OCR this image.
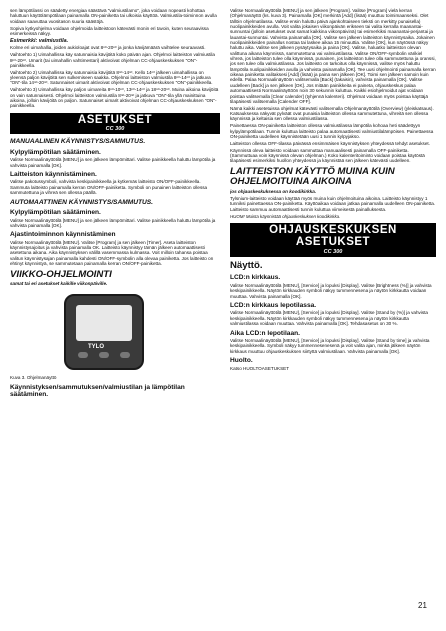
sen lämpötilassi on säädetty energiaa säästävä "valmiustilamo", joka voidaan nopeasti kohottaa haluttuun käyttölämpötilaan painamalla ON-painiketta tai ulkoisia käyttöä. Valmiustila-toiminnon avulla voidaan saavuttaa vuositason suuria säästöjä.

Sopiva kytkyohjelma voidaan ohjelmoida laitteistoon kätevästi monin eri tavoin, kuten seuraavissa esimerkeissä näkyy.

Esimerkki: valmiustila.

Kolme eri uimahallia, joiden aukioloajat ovat 8ⁿᵒ-20ⁿᵒ ja jonka kävijämäärä vaihtelee seuraavasti.

Vaihtoehto 1) Uimahallissa käy satunnaisia kävijöitä koko päivän ajan. Ohjelmoi laitteiston valmiustila 8ⁿᵒ-20ⁿᵒ. Umarit (tai uimahallin vahtimestari) aktivoivat ohjelman CC-ohjauskeskuksen "ON"-painikkeella.

Vaihtoehto 2) Uimahallissa käy satunnaisia kävijöitä 8ⁿᵒ-14ⁿᵒ. Kello 14ⁿᵒ jälkeen uimahallissa on yleensä paljon kävijöitä sen sulkemiseen saakka. Ohjelmoi laitteiston valmiustila 8ⁿᵒ-14ⁿᵒ ja jatkuva "ON"-tila 14ⁿᵒ-20ⁿᵒ. Satunnaiset uimarit aktivoivat ohjelman CC-ohjauskeskuksen "ON"-painikkeella.

Vaihtoehto 3) Uimahallissa käy paljon uimareita 8ⁿᵒ-10ⁿᵒ, 13ⁿᵒ-14ⁿᵒ ja 18ⁿᵒ-20ⁿᵒ. Muina aikoina kävijöitä on vain satunnaisesti. Ohjelmoi laitteiston valmiustila 8ⁿᵒ-20ⁿᵒ ja jatkuva "ON"-tila yllä mainittuina aikoina, jolloin kävijöitä on paljon. Satunnaiset uimarit aktivoivat ohjelman CC-ohjauskeskuksen "ON"-painikkeella.

ASETUKSET
CC 300
MANUAALINEN KÄYNNISTYS/SAMMUTUS.
Kylpylämpötilan säätäminen.

Valitse Normaalinäyttötilä [MENU] ja sen jälkeen lämpömittari. Valitse painikkeella haluttu lämpötila ja vahvista painamalla [OK].

Laitteiston käynnistäminen.

Valitse pakotussymboli, vahvista keskipainikkeella ja kytkemäs laitteisto ON/OFF-painikkeella. Sammuta laitteisto painamalla kerran ON/OFF-painiketta. Symboli on punainen laitteiston ollessa sammutettuna ja vihreä sen ollessa päällä.

AUTOMAATTINEN KÄYNNISTYS/SAMMUTUS.
Kylpylämpötilan säätäminen.

Valitse Normaalinäyttötilä [MENU] ja sen jälkeen lämpömittari. Valitse painikkeella haluttu lämpötila ja vahvista painamalla [OK].

Ajastintoiminnon käynnistäminen

Valitse Normaalinäyttötilä [MENU]. Valitse [Program] ja sen jälkeen [Timer]. Aseta laitteiston käynnistysajoitus ja vahvista painamalla OK. Laitteisto käynnistyy tämän jälkeen automaattisesti asetettuna aikana. Aika käynnistyksen välillä vasemmassa kulmassa. Voit milloin tahansa poistaa valitun käynnistysajan painamalla kahdesti ON/OFF-symbolin alla olevaa painiketta. Jos laitteisto on ehtinyt käynnistyä, se sammutetaan painamalla kerran ON/OFF-painiketta.

VIIKKO-OHJELMOINTI
samat tai eri asetukset kaikille viikonpäiville.
TYLO
Kuva 3. Ohjelmanäyttö
Käynnistyksen/sammutuksen/valmiustilan ja lämpötilan säätäminen.

Valitse Normaalinäyttötilä [MENU] ja sen jälkeen [Program]. Valitse [Program] vielä kerran (Ohjelmanäyttö (ks. kuva 3). Painamalla [OK] merkintä [Add] (lisää) muuttuu toimimaanseksi. Olet tällöin ohjelmatilassa. Valitse ensin haluttu päivä ajankohtaiseen tieksti on merkitty punaisella) nuolipainikkeiden avulla. Voit valita jokaisen viikonpäivän erikseen tai valita kerralla maanantai-sunnuntai (jolloin asetukset ovat samat kaikkina viikonpäivinä) tai esimerkiksi maanantai-perjantai ja lauantai-sunnuntai. Vahvista painamalla [OK]. Valitse sen jälkeen laitteiston käynnistysaika. Jokainen nuolipainikkeiden painallus nostaa tai laskee aikaa 15 minuuttia. Valitse [OK], kun näytössä näkyy haluttu aika. Valitse sen jälkeen pysäytysaika ja paina [OK]. Valitse, haluatko laitteiston olevan valittuna aikana käynnissä, sammutettuna vai valmiustilassa. Valitse ON/OFF-symbolin värikiel vihreä, jos laitteiston tulee olla käynnissä, punainen, jos laitteiston tulee olla sammutettuna ja oranssi, jos sen tulee olla valmiustilassa. Jos laitteisto on tarkoitus olla käynnissä, valitse myös haluttu lämpötila nuolipainikkeiden avulla ja vahvista painamalla [OK]. Tee uusi ohjelmointi painamalla kerran oikeaa painiketta valitaksesi [Add] (lisää) ja paina sen jälkeen [OK]. Toimi sen jälkeen samoin kuin edellä. Palaa Normaalinäyttöön valitsemalla [Back] (takaisin), vahvista painamalla [OK]. Valitse uudelleen [Back] ja sen jälkeen [OK]. Jos mitään painikkeita ei paineta, ohjauskeskus palaa automaattisesti Normaalinäyttöön noin 30 sekunnin kuluttua. Kaikki esiohjelmoidut ajat voidaan poistaa valitsemalla [Clear calender] (tyhjennä kalenteri). Ohjelmat voidaan myös poistaa käyttäjä tilapäisesti valitsemalla [Calender OFF].

Nämä kaikki asetetuissa ohjelmat kätevästi valitsemalla Ohjelmanäyttötilä (Overview) (yleiskatsaus). Katsauksessa näkyvät pylväät ovat punaisia laitteiston ollessa sammutettuna, vihreitä sen ollessa käynnissä ja keltaisia sen ollessa valmiustilassa.

Painettaessa ON-painiketta laitteiston ollessa valmiustilassa lämpötila kohoaa heti säädettyyn kylpylämpötilaan. Tunnin kuluttua laitteisto palaa automaattisesti valmiustilalämpöisen. Painettaessa ON-painiketta uudelleen käynnistetään uusi 1 tunnin kylpyjakso.

Laitteiston ollessa OFF-tilassa päivässä ensimmäisen käynnistyksen yhteydessä tehdyt asetukset.

Käynnissä oleva laitteisto voidaan sammuttaa manuaalisesti painamalla OFF-painiketta. (Sammuttuaa voin käynnissä olevan ohjelman.) Koko kalenteritoiminto voidaan poistaa käytöstä tilapäisesti esimerkiksi huollon yhteydessä ja käynnistää sen jälkeen kätevästi uudelleen.

LAITTEISTON KÄYTTÖ MUINA KUIN OHJELMOITUINA AIKOINA
jos ohjauskeskuksessa on koodikirkka.

Tylsnium-laitteisto voidaan käyttää myös muina kuin ohjelmoituina aikoina. Laitteisto käynnistyy 1 tunniksi painettaessa ON-painiketta. Käyttöaikaa voidaan jatkaa painamalla uudelleen ON-painiketta. Laitteisto sammuu automaattisesti tunnin kuluttua viimeisestä painalluksesta.

HUOM! Muista käynnistää ohjauskeskuksen koodikirkka.
OHJAUSKESKUKSEN
ASETUKSET
CC 300
Näyttö.
LCD:n kirkkaus.

Valitse Normaalinäyttötilä [MENU], [Service] ja lopuksi [Display]. Valitse [Brightness (%)] ja vahvista keskipainikkeella. Näytön kirkkauden symboli näkyy tummennesena ja näytön kirkkautta voidaan muuttaa. Vahvista painamalla [OK].

LCD:n kirkkaus lepotilassa.

Valitse Normaalinäyttötilä [MENU], [Service] ja lopuksi [Display]. Valitse [Stand by (%)] ja vahvista keskipainikkeella. Näytön kirkkauden symboli näkyy tummennesena ja näytön kirkkautta valmiustilassa voidaan muuttaa. Vahvista painamalla [OK]. Tehdasasetus on 30 %.

Aika LCD:n lepotilaan.

Valitse Normaalinäyttötilä [MENU], [Service] ja lopuksi [Display]. Valitse [Stand by time] ja vahvista keskipainikkeella. Symboli näkyy tummennesenesenä ja voit valita ajan, minkä jälkeen näytön kirkkaus muuttuu ohjauskeskuksen siirtyttä valmiustilaan. Vahvista painamalla [OK].

Huolto.

Katso HUOLTOASETUKSET

21
